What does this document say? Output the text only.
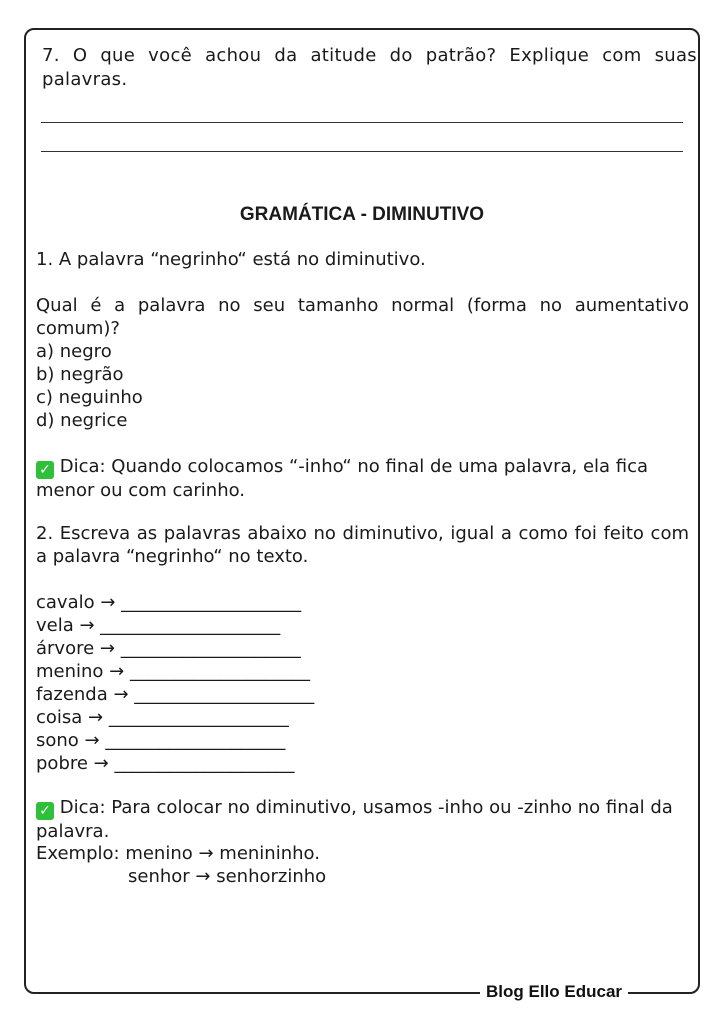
7. O que você achou da atitude do patrão? Explique com suas palavras.
GRAMÁTICA - DIMINUTIVO
1. A palavra “negrinho“ está no diminutivo.
Qual é a palavra no seu tamanho normal (forma no aumentativo comum)?
a) negro
b) negrão
c) neguinho
d) negrice
✓ Dica: Quando colocamos “-inho“ no final de uma palavra, ela fica menor ou com carinho.
2. Escreva as palavras abaixo no diminutivo, igual a como foi feito com a palavra “negrinho“ no texto.
cavalo → ____________________
vela → ____________________
árvore → ____________________
menino → ____________________
fazenda → ____________________
coisa → ____________________
sono → ____________________
pobre → ____________________
✓ Dica: Para colocar no diminutivo, usamos -inho ou -zinho no final da palavra.
Exemplo: menino → menininho.
senhor → senhorzinho
Blog Ello Educar
